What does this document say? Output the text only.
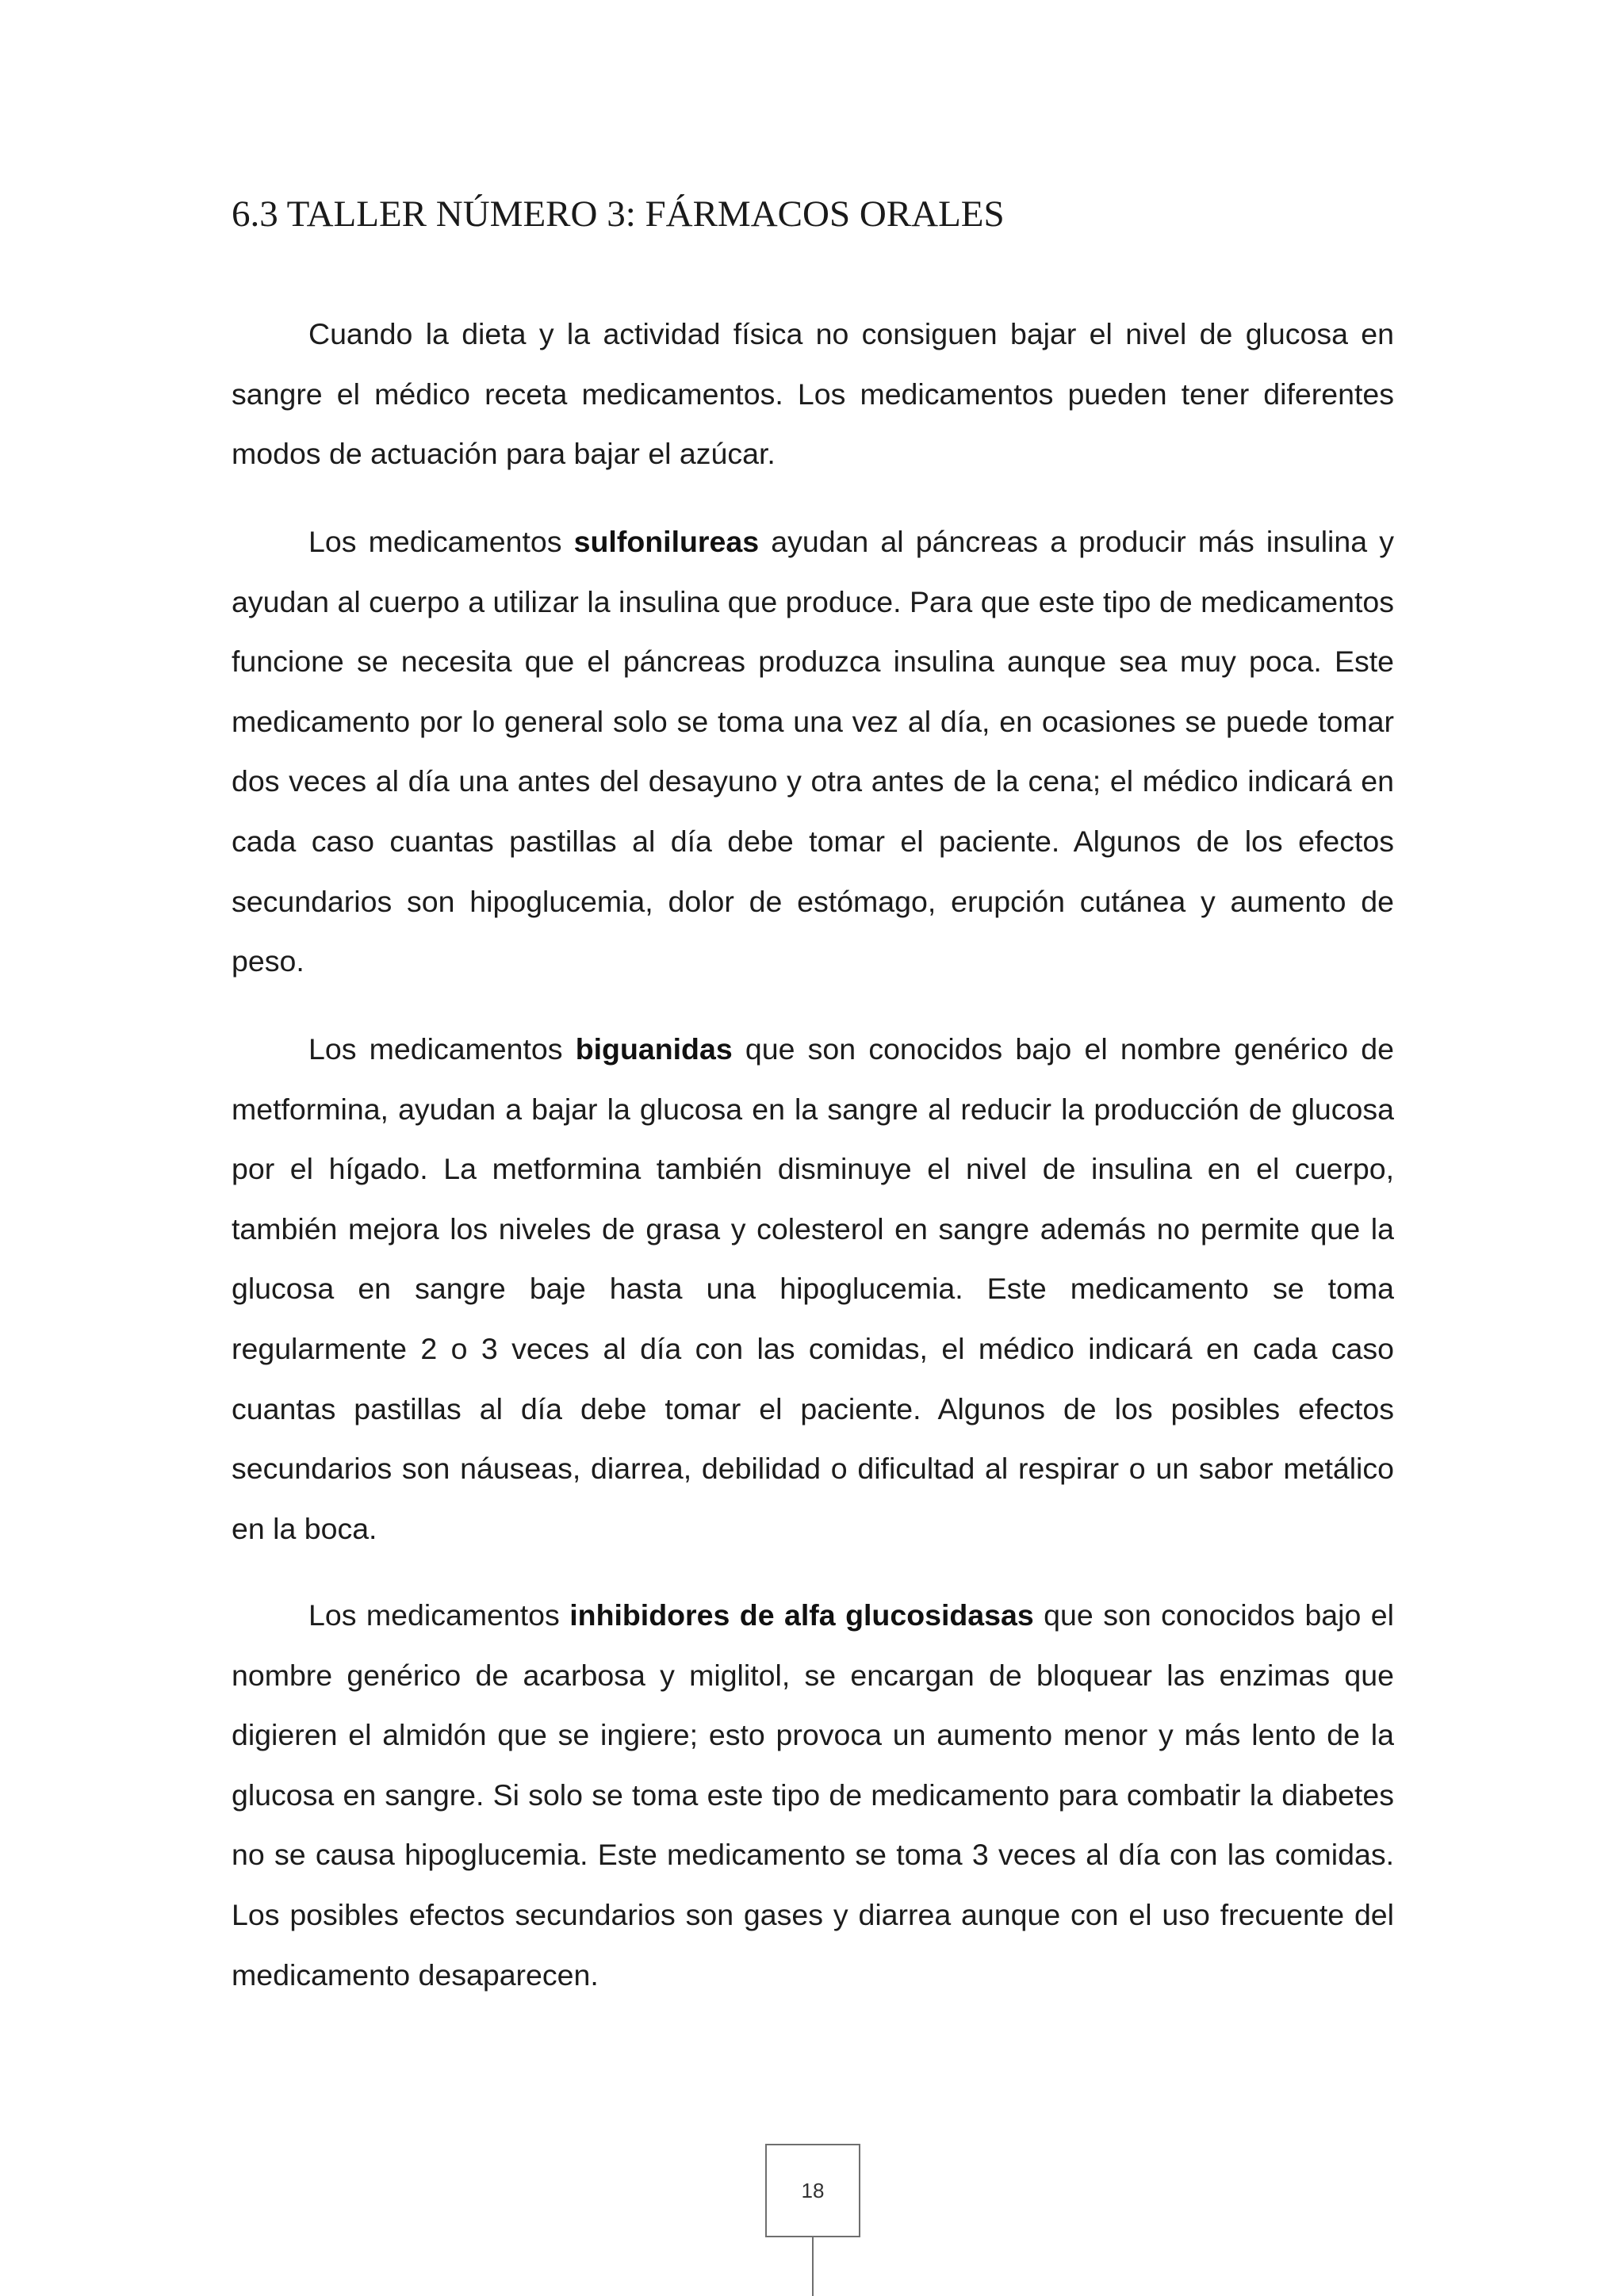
6.3 TALLER NÚMERO 3: FÁRMACOS ORALES

Cuando la dieta y la actividad física no consiguen bajar el nivel de glucosa en sangre el médico receta medicamentos. Los medicamentos pueden tener diferentes modos de actuación para bajar el azúcar.

Los medicamentos sulfonilureas ayudan al páncreas a producir más insulina y ayudan al cuerpo a utilizar la insulina que produce. Para que este tipo de medicamentos funcione se necesita que el páncreas produzca insulina aunque sea muy poca. Este medicamento por lo general solo se toma una vez al día, en ocasiones se puede tomar dos veces al día una antes del desayuno y otra antes de la cena; el médico indicará en cada caso cuantas pastillas al día debe tomar el paciente. Algunos de los efectos secundarios son hipoglucemia, dolor de estómago, erupción cutánea y aumento de peso.

Los medicamentos biguanidas que son conocidos bajo el nombre genérico de metformina, ayudan a bajar la glucosa en la sangre al reducir la producción de glucosa por el hígado. La metformina también disminuye el nivel de insulina en el cuerpo, también mejora los niveles de grasa y colesterol en sangre además no permite que la glucosa en sangre baje hasta una hipoglucemia. Este medicamento se toma regularmente 2 o 3 veces al día con las comidas, el médico indicará en cada caso cuantas pastillas al día debe tomar el paciente. Algunos de los posibles efectos secundarios son náuseas, diarrea, debilidad o dificultad al respirar o un sabor metálico en la boca.

Los medicamentos inhibidores de alfa glucosidasas que son conocidos bajo el nombre genérico de acarbosa y miglitol, se encargan de bloquear las enzimas que digieren el almidón que se ingiere; esto provoca un aumento menor y más lento de la glucosa en sangre. Si solo se toma este tipo de medicamento para combatir la diabetes no se causa hipoglucemia. Este medicamento se toma 3 veces al día con las comidas. Los posibles efectos secundarios son gases y diarrea aunque con el uso frecuente del medicamento desaparecen.

18
